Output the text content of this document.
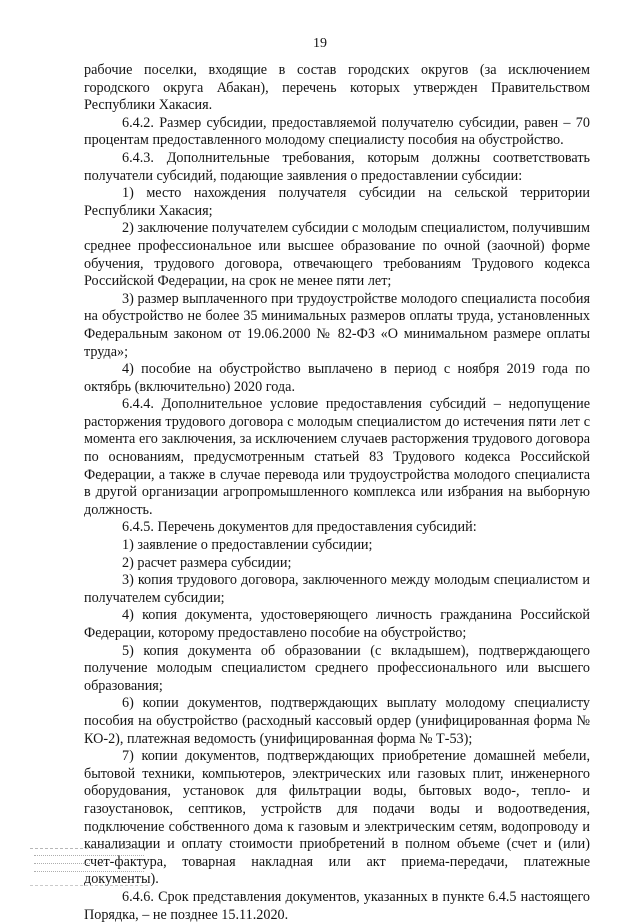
19

рабочие поселки, входящие в состав городских округов (за исключением городского округа Абакан), перечень которых утвержден Правительством Республики Хакасия.

6.4.2. Размер субсидии, предоставляемой получателю субсидии, равен – 70 процентам предоставленного молодому специалисту пособия на обустройство.

6.4.3. Дополнительные требования, которым должны соответствовать получатели субсидий, подающие заявления о предоставлении субсидии:

1) место нахождения получателя субсидии на сельской территории Республики Хакасия;

2) заключение получателем субсидии с молодым специалистом, получившим среднее профессиональное или высшее образование по очной (заочной) форме обучения, трудового договора, отвечающего требованиям Трудового кодекса Российской Федерации, на срок не менее пяти лет;

3) размер выплаченного при трудоустройстве молодого специалиста пособия на обустройство не более 35 минимальных размеров оплаты труда, установленных Федеральным законом от 19.06.2000 № 82-ФЗ «О минимальном размере оплаты труда»;

4) пособие на обустройство выплачено в период с ноября 2019 года по октябрь (включительно) 2020 года.

6.4.4. Дополнительное условие предоставления субсидий – недопущение расторжения трудового договора с молодым специалистом до истечения пяти лет с момента его заключения, за исключением случаев расторжения трудового договора по основаниям, предусмотренным статьей 83 Трудового кодекса Российской Федерации, а также в случае перевода или трудоустройства молодого специалиста в другой организации агропромышленного комплекса или избрания на выборную должность.

6.4.5. Перечень документов для предоставления субсидий:

1) заявление о предоставлении субсидии;

2) расчет размера субсидии;

3) копия трудового договора, заключенного между молодым специалистом и получателем субсидии;

4) копия документа, удостоверяющего личность гражданина Российской Федерации, которому предоставлено пособие на обустройство;

5) копия документа об образовании (с вкладышем), подтверждающего получение молодым специалистом среднего профессионального или высшего образования;

6) копии документов, подтверждающих выплату молодому специалисту пособия на обустройство (расходный кассовый ордер (унифицированная форма № КО-2), платежная ведомость (унифицированная форма № Т-53);

7) копии документов, подтверждающих приобретение домашней мебели, бытовой техники, компьютеров, электрических или газовых плит, инженерного оборудования, установок для фильтрации воды, бытовых водо-, тепло- и газоустановок, септиков, устройств для подачи воды и водоотведения, подключение собственного дома к газовым и электрическим сетям, водопроводу и канализации и оплату стоимости приобретений в полном объеме (счет и (или) счет-фактура, товарная накладная или акт приема-передачи, платежные документы).

6.4.6. Срок представления документов, указанных в пункте 6.4.5 настоящего Порядка, – не позднее 15.11.2020.
